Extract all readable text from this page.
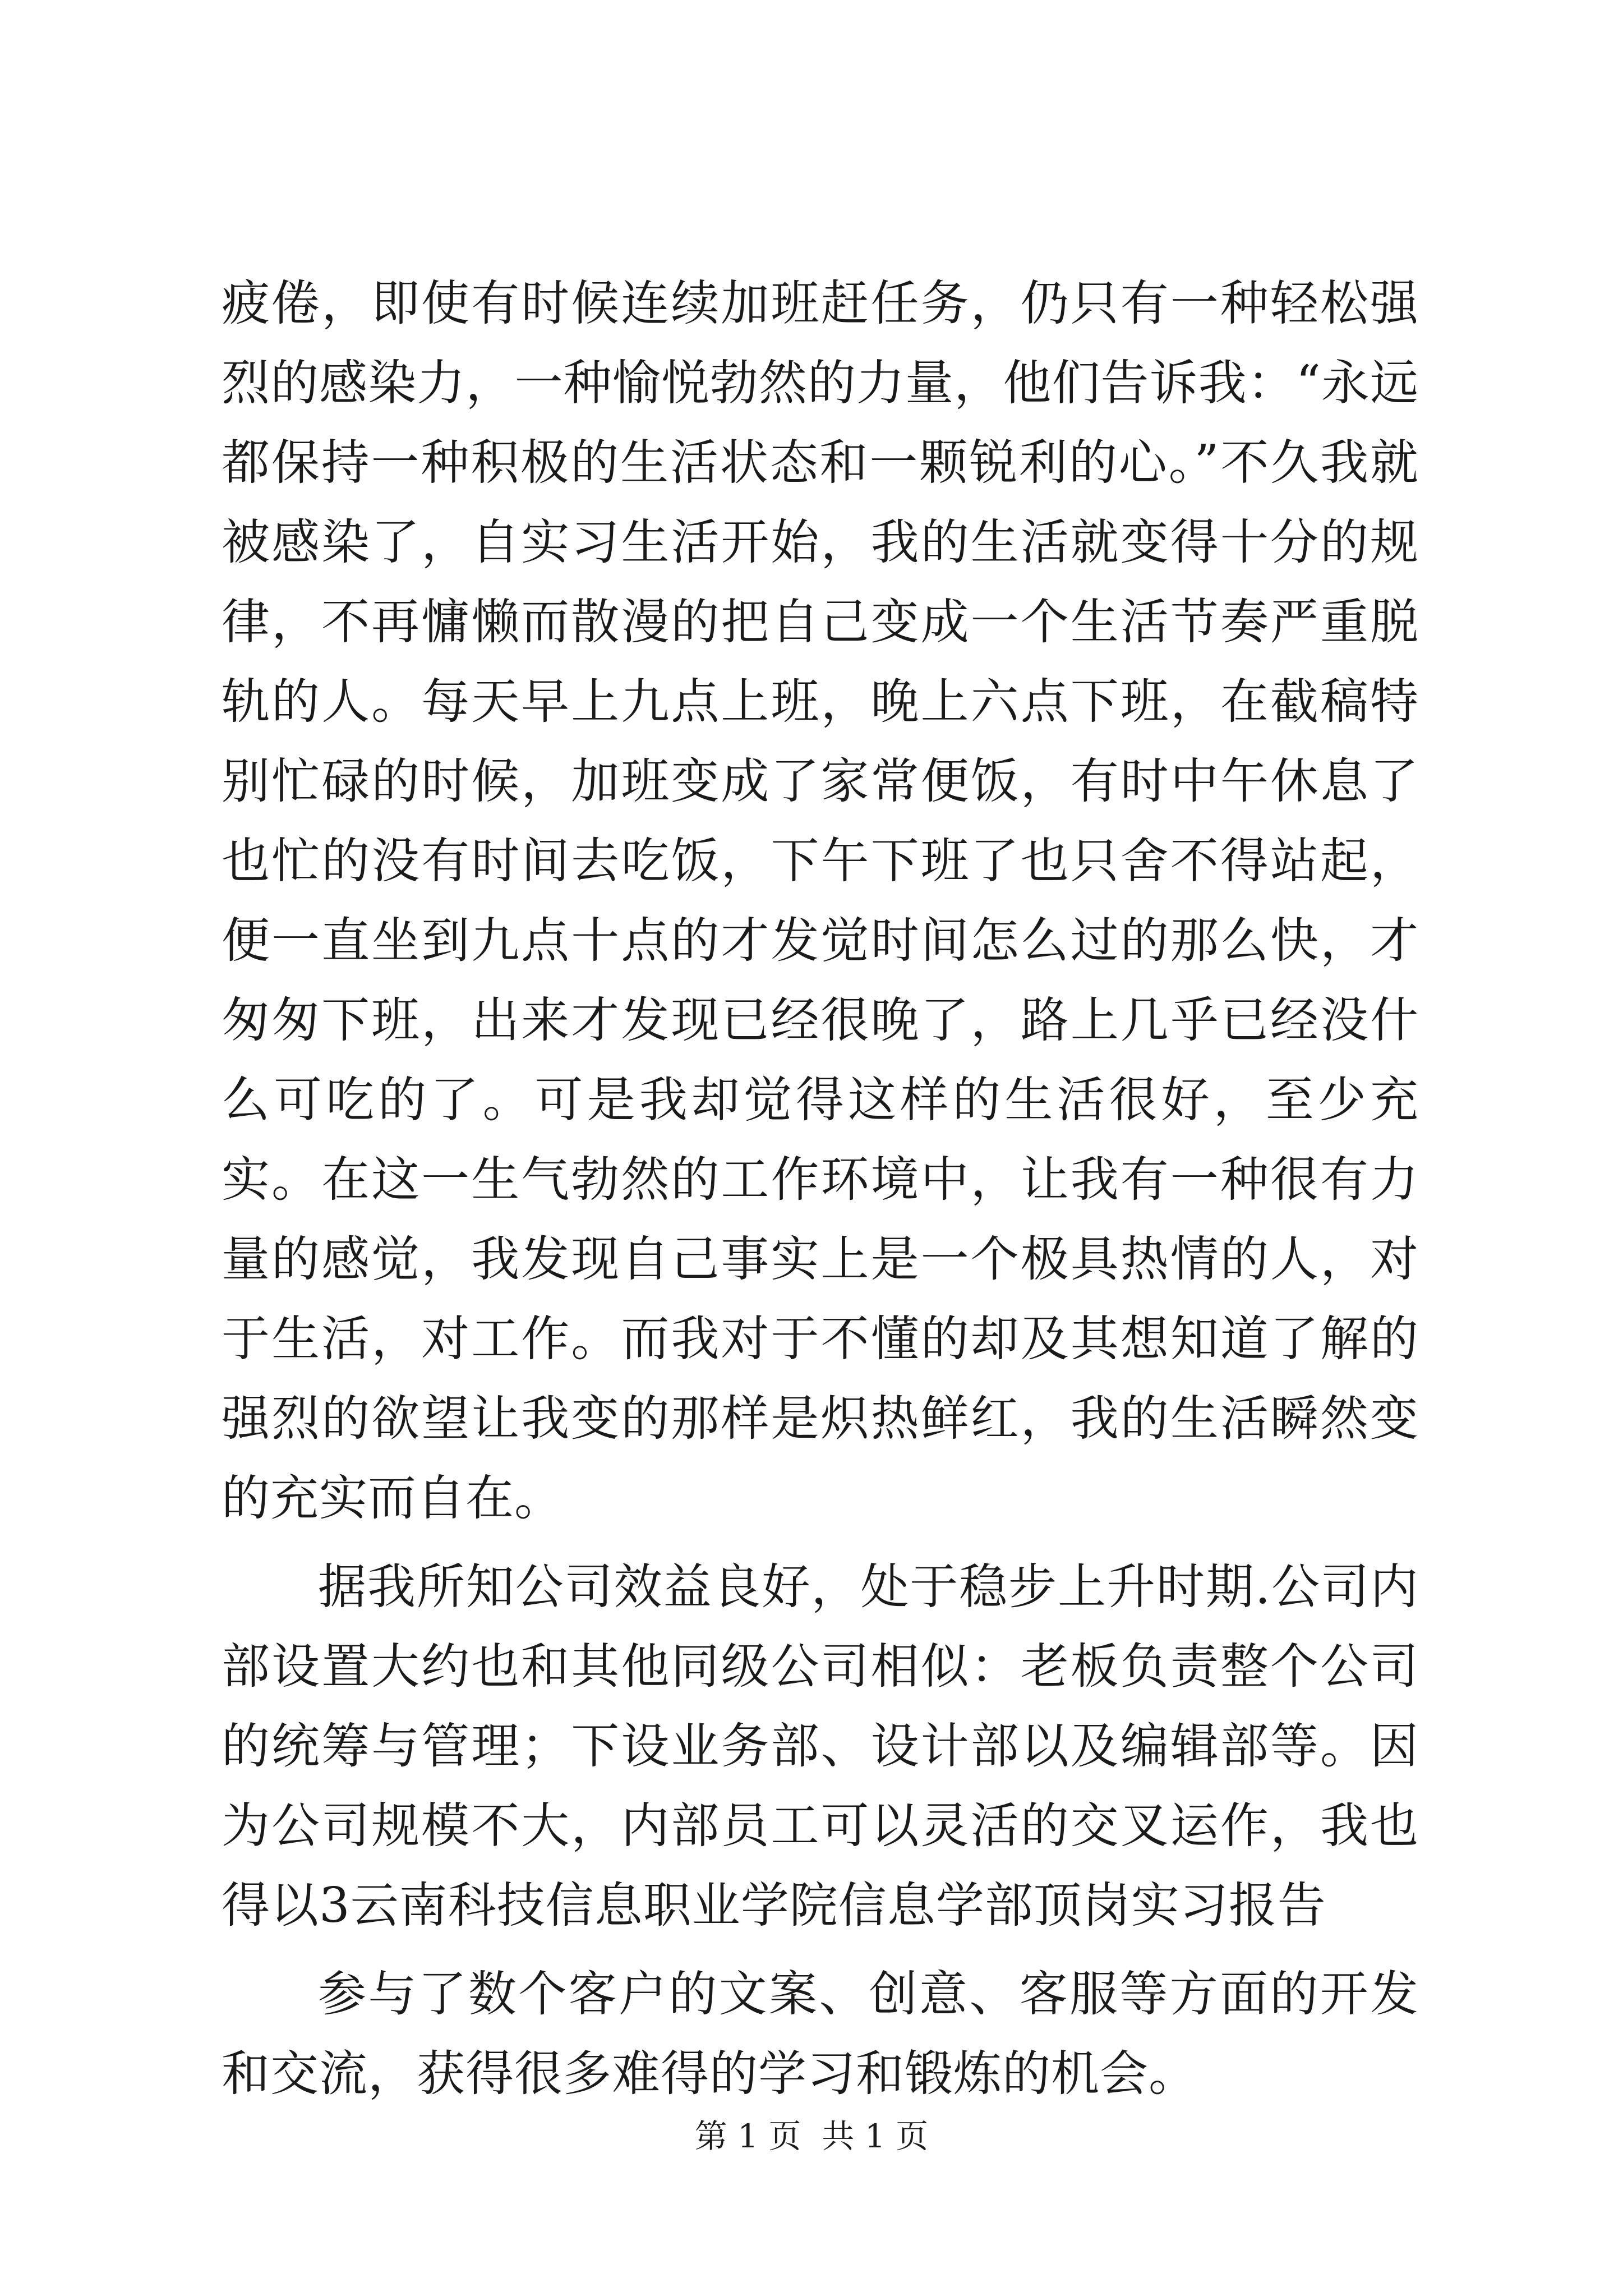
疲倦，即使有时候连续加班赶任务，仍只有一种轻松强烈的感染力，一种愉悦勃然的力量，他们告诉我：“永远都保持一种积极的生活状态和一颗锐利的心。”不久我就被感染了，自实习生活开始，我的生活就变得十分的规律，不再慵懒而散漫的把自己变成一个生活节奏严重脱轨的人。每天早上九点上班，晚上六点下班，在截稿特别忙碌的时候，加班变成了家常便饭，有时中午休息了也忙的没有时间去吃饭，下午下班了也只舍不得站起，便一直坐到九点十点的才发觉时间怎么过的那么快，才匆匆下班，出来才发现已经很晚了，路上几乎已经没什么可吃的了。可是我却觉得这样的生活很好，至少充实。在这一生气勃然的工作环境中，让我有一种很有力量的感觉，我发现自己事实上是一个极具热情的人，对于生活，对工作。而我对于不懂的却及其想知道了解的强烈的欲望让我变的那样是炽热鲜红，我的生活瞬然变的充实而自在。

据我所知公司效益良好，处于稳步上升时期.公司内部设置大约也和其他同级公司相似：老板负责整个公司的统筹与管理；下设业务部、设计部以及编辑部等。因为公司规模不大，内部员工可以灵活的交叉运作，我也得以3云南科技信息职业学院信息学部顶岗实习报告

参与了数个客户的文案、创意、客服等方面的开发和交流，获得很多难得的学习和锻炼的机会。

第 1 页  共 1 页
